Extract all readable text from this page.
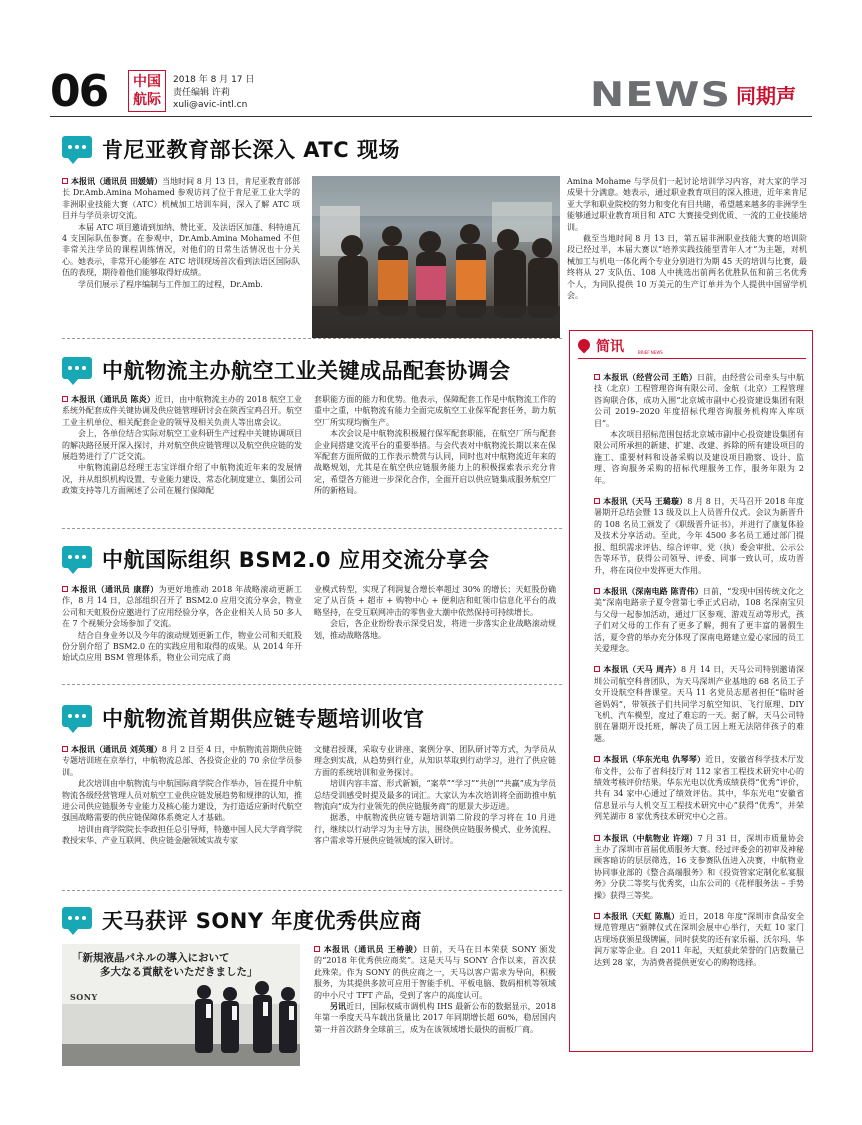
06 中国
航际
2018 年 8 月 17 日
责任编辑 许莉
xuli@avic-intl.cn	NEWS 同期声
肯尼亚教育部长深入 ATC 现场

本报讯（通讯员 田媛婧）当地时间 8 月 13 日，肯尼亚教育部部长 Dr.Amb.Amina Mohamed 参观访问了位于肯尼亚工业大学的非洲职业技能大赛（ATC）机械加工培训车间，深入了解 ATC 项目并与学员亲切交流。

本届 ATC 项目邀请到加纳、赞比亚、及法语区加蓬、科特迪瓦 4 支国际队伍参赛。在参观中，Dr.Amb.Amina Mohamed 不但非常关注学员的课程训练情况，对他们的日常生活情况也十分关心。她表示，非常开心能够在 ATC 培训现场首次看到法语区国际队伍的表现，期待着他们能够取得好成绩。

学员们展示了程序编制与工件加工的过程，Dr.Amb.

Amina Mohame 与学员们一起讨论培训学习内容，对大家的学习成果十分满意。她表示，通过职业教育项目的深入推进，近年来肯尼亚大学和职业院校的努力和变化有目共睹，希望越来越多的非洲学生能够通过职业教育项目和 ATC 大赛接受到优质、一流的工业技能培训。

截至当地时间 8 月 13 日，第五届非洲职业技能大赛的培训阶段已经过半，本届大赛以“培养实践技能型青年人才”为主题，对机械加工与机电一体化两个专业分别进行为期 45 天的培训与比赛，最终将从 27 支队伍、108 人中挑选出前两名优胜队伍和前三名优秀个人，为同队提供 10 万美元的生产订单并为个人提供中国留学机会。

简讯	BRIEF NEWS

本报讯（经营公司 王皓）日前，由经营公司牵头与中航技（北京）工程管理咨询有限公司、金航（北京）工程管理咨询联合体，成功入围“北京城市副中心投资建设集团有限公司 2019–2020 年度招标代理咨询服务机构库入库项目”。

本次项目招标范围包括北京城市副中心投资建设集团有限公司所承担的新建、扩建、改建、拆除的所有建设项目的施工、重要材料和设备采购以及建设项目勘察、设计、监理、咨询服务采购的招标代理服务工作，服务年限为 2 年。

本报讯（天马 王璐璇）8 月 8 日，天马召开 2018 年度暑期开总结会暨 13 级及以上人员晋升仪式。会议为新晋升的 108 名员工颁发了《职级晋升证书》，并进行了康复体验及技术分享活动。至此，今年 4500 多名员工通过部门提报、组织需求评估、综合评审、党（执）委会审批、公示公告等环节，获得公司领导、评委、同事一致认可，成功晋升，将在岗位中发挥更大作用。

本报讯（深南电路 陈青伟）日前，“发现中国传统文化之美”深南电路亲子夏令营第七季正式启动，108 名深南宝贝与父母一起参加活动，通过厂区参观、游戏互动等形式，孩子们对父母的工作有了更多了解，拥有了更丰富的暑假生活，夏令营的举办充分体现了深南电路建立爱心家园的员工关爱理念。

本报讯（天马 周卉）8 月 14 日，天马公司特别邀请深圳公司航空科普团队，为天马深圳产业基地的 68 名员工子女开设航空科普课堂。天马 11 名党员志愿者担任“临时爸爸妈妈”，带领孩子们共同学习航空知识、飞行原理、DIY 飞机、汽车模型，度过了难忘的一天。据了解，天马公司特别在暑期开设托班，解决了员工因上班无法陪伴孩子的难题。

本报讯（华东光电 仇琴琴）近日，安徽省科学技术厅发布文件，公布了省科技厅对 112 家省工程技术研究中心的绩效考核评价结果。华东光电以优秀成绩获得“优秀”评价，共有 34 家中心通过了绩效评估。其中，华东光电“安徽省信息显示与人机交互工程技术研究中心”获得“优秀”，并荣列芜湖市 8 家优秀技术研究中心之首。

本报讯（中航物业 许翊）7 月 31 日，深圳市质量协会主办了深圳市首届优质服务大赛。经过评委会的初审及神秘顾客暗访的层层筛选，16 支参赛队伍进入决赛，中航物业协同事业部的《整合高端服务》和《投资管家定制化私宴服务》分获二等奖与优秀奖，山东公司的《花样服务法 – 手势操》获得三等奖。

本报讯（天虹 陈胤）近日，2018 年度“深圳市食品安全规范管理店”颁牌仪式在深圳会展中心举行，天虹 10 家门店现场获颁星级牌匾，同时获奖的还有家乐福、沃尔玛、华润万家等企业。自 2011 年起，天虹获此荣誉的门店数量已达到 28 家，为消费者提供更安心的购物选择。

中航物流主办航空工业关键成品配套协调会

本报讯（通讯员 陈炎）近日，由中航物流主办的 2018 航空工业系统外配套成件关键协调及供应链管理研讨会在陕西宝鸡召开。航空工业主机单位、相关配套企业的领导及相关负责人等出席会议。

会上，各单位结合实际对航空工业科研生产过程中关键协调项目的解决路径展开深入探讨，并对航空供应链管理以及航空供应链的发展趋势进行了广泛交流。

中航物流副总经理王志宝详细介绍了中航物流近年来的发展情况，并从组织机构设置、专业能力建设、常态化制度建立、集团公司政策支持等几方面阐述了公司在履行保障配

套职能方面的能力和优势。他表示，保障配套工作是中航物流工作的重中之重，中航物流有能力全面完成航空工业保军配套任务，助力航空厂所实现均衡生产。

本次会议是中航物流积极履行保军配套职能，在航空厂所与配套企业间搭建交流平台的重要举措。与会代表对中航物流长期以来在保军配套方面所做的工作表示赞赏与认同，同时也对中航物流近年来的战略规划，尤其是在航空供应链服务能力上的积极探索表示充分肯定，希望各方能进一步深化合作，全面开启以供应链集成服务航空厂所的新格局。

中航国际组织 BSM2.0 应用交流分享会

本报讯（通讯员 康群）为更好地推动 2018 年战略滚动更新工作，8 月 14 日，总部组织召开了 BSM2.0 应用交流分享会，物业公司和天虹股份应邀进行了应用经验分享，各企业相关人员 50 多人在 7 个视频分会场参加了交流。

结合自身业务以及今年的滚动规划更新工作，物业公司和天虹股份分别介绍了 BSM2.0 在的实践应用和取得的成果。从 2014 年开始试点应用 BSM 管理体系，物业公司完成了商

业模式转型，实现了利润复合增长率超过 30% 的增长；天虹股份确定了从百货 + 超市 + 购物中心 + 便利店和虹领巾信息化平台的战略坚持，在受互联网冲击的零售业大潮中依然保持可持续增长。

会后，各企业纷纷表示深受启发，将进一步落实企业战略滚动规划，推动战略落地。

中航物流首期供应链专题培训收官

本报讯（通讯员 刘英瑾）8 月 2 日至 4 日，中航物流首期供应链专题培训班在京举行，中航物流总部、各投资企业的 70 余位学员参训。

此次培训由中航物流与中航国际商学院合作举办，旨在提升中航物流各级经营管理人员对航空工业供应链发展趋势和规律的认知，推进公司供应链服务专业能力及核心能力建设，为打造适应新时代航空强国战略需要的供应链保障体系奠定人才基础。

培训由商学院院长李政担任总引导师，特邀中国人民大学商学院教授宋华、产业互联网、供应链金融领域实战专家

文健君授课，采取专业讲座、案例分享、团队研讨等方式，为学员从理念到实战，从趋势到行业，从知识萃取到行动学习，进行了供应链方面的系统培训和业务探讨。

培训内容丰富、形式新颖，“案萃”“学习”“共创”“共赢”成为学员总结受训感受时提及最多的词汇。大家认为本次培训将全面助推中航物流向“成为行业领先的供应链服务商”的愿景大步迈进。

据悉，中航物流供应链专题培训第二阶段的学习将在 10 月进行，继续以行动学习为主导方法，围绕供应链服务模式、业务流程、客户需求等开展供应链领域的深入研讨。

天马获评 SONY 年度优秀供应商
「新規液晶パネルの導入において
多大なる貢献をいただきました」
SONY

本报讯（通讯员 王椿骏）日前，天马在日本荣获 SONY 颁发的“2018 年优秀供应商奖”。这是天马与 SONY 合作以来，首次获此殊荣。作为 SONY 的供应商之一，天马以客户需求为导向，积极服务，为其提供多款可应用于智能手机、平板电脑、数码相机等领域的中小尺寸 TFT 产品，受到了客户的高度认可。

另讯近日，国际权威市调机构 IHS 最新公布的数据显示，2018 年第一季度天马车载出货量比 2017 年同期增长超 60%，稳居国内第一并首次跻身全球前三，成为在该领域增长最快的面板厂商。
